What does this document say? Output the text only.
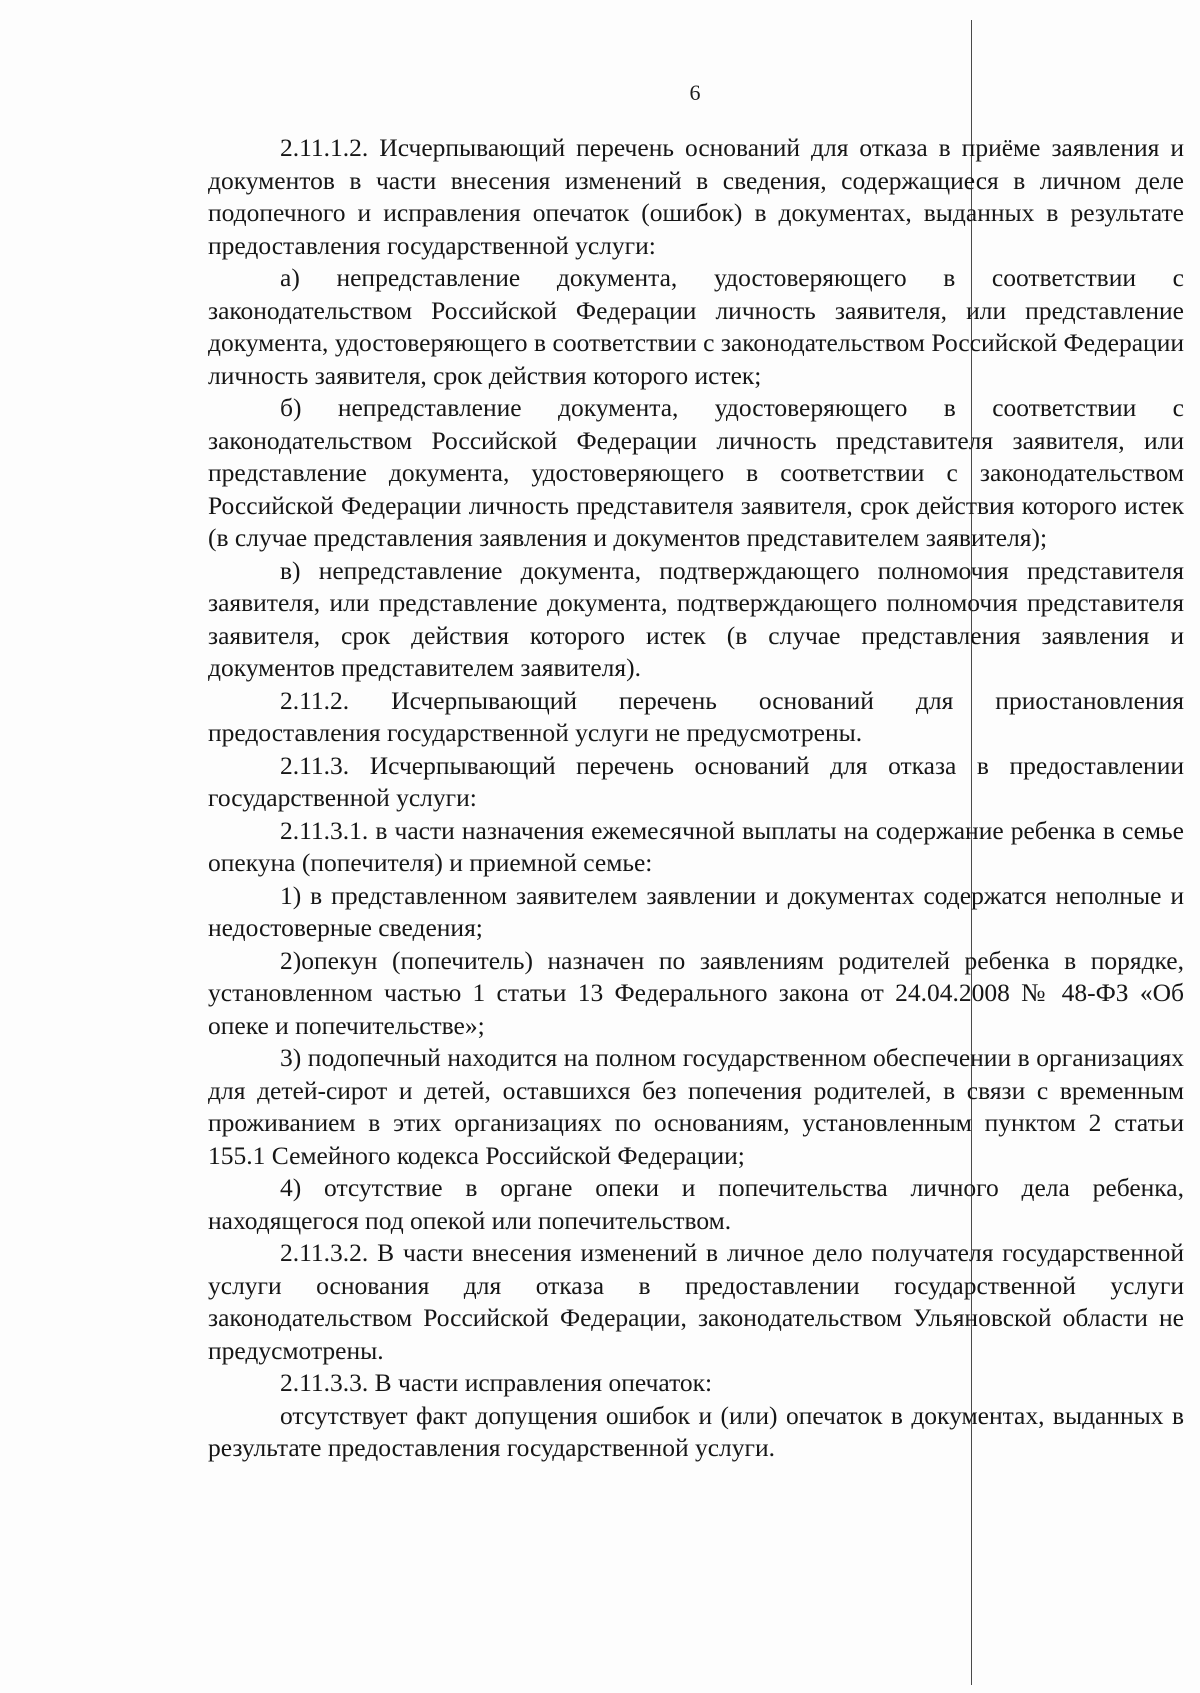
6

2.11.1.2. Исчерпывающий перечень оснований для отказа в приёме заявления и документов в части внесения изменений в сведения, содержащиеся в личном деле подопечного и исправления опечаток (ошибок) в документах, выданных в результате предоставления государственной услуги:

а) непредставление документа, удостоверяющего в соответствии с законодательством Российской Федерации личность заявителя, или представление документа, удостоверяющего в соответствии с законодательством Российской Федерации личность заявителя, срок действия которого истек;

б) непредставление документа, удостоверяющего в соответствии с законодательством Российской Федерации личность представителя заявителя, или представление документа, удостоверяющего в соответствии с законодательством Российской Федерации личность представителя заявителя, срок действия которого истек (в случае представления заявления и документов представителем заявителя);

в) непредставление документа, подтверждающего полномочия представителя заявителя, или представление документа, подтверждающего полномочия представителя заявителя, срок действия которого истек (в случае представления заявления и документов представителем заявителя).

2.11.2. Исчерпывающий перечень оснований для приостановления предоставления государственной услуги не предусмотрены.

2.11.3. Исчерпывающий перечень оснований для отказа в предоставлении государственной услуги:

2.11.3.1. в части назначения ежемесячной выплаты на содержание ребенка в семье опекуна (попечителя) и приемной семье:

1) в представленном заявителем заявлении и документах содержатся неполные и недостоверные сведения;

2)опекун (попечитель) назначен по заявлениям родителей ребенка в порядке, установленном частью 1 статьи 13 Федерального закона от 24.04.2008 № 48-ФЗ «Об опеке и попечительстве»;

3) подопечный находится на полном государственном обеспечении в организациях для детей-сирот и детей, оставшихся без попечения родителей, в связи с временным проживанием в этих организациях по основаниям, установленным пунктом 2 статьи 155.1 Семейного кодекса Российской Федерации;

4) отсутствие в органе опеки и попечительства личного дела ребенка, находящегося под опекой или попечительством.

2.11.3.2. В части внесения изменений в личное дело получателя государственной услуги основания для отказа в предоставлении государственной услуги законодательством Российской Федерации, законодательством Ульяновской области не предусмотрены.

2.11.3.3. В части исправления опечаток:

отсутствует факт допущения ошибок и (или) опечаток в документах, выданных в результате предоставления государственной услуги.
